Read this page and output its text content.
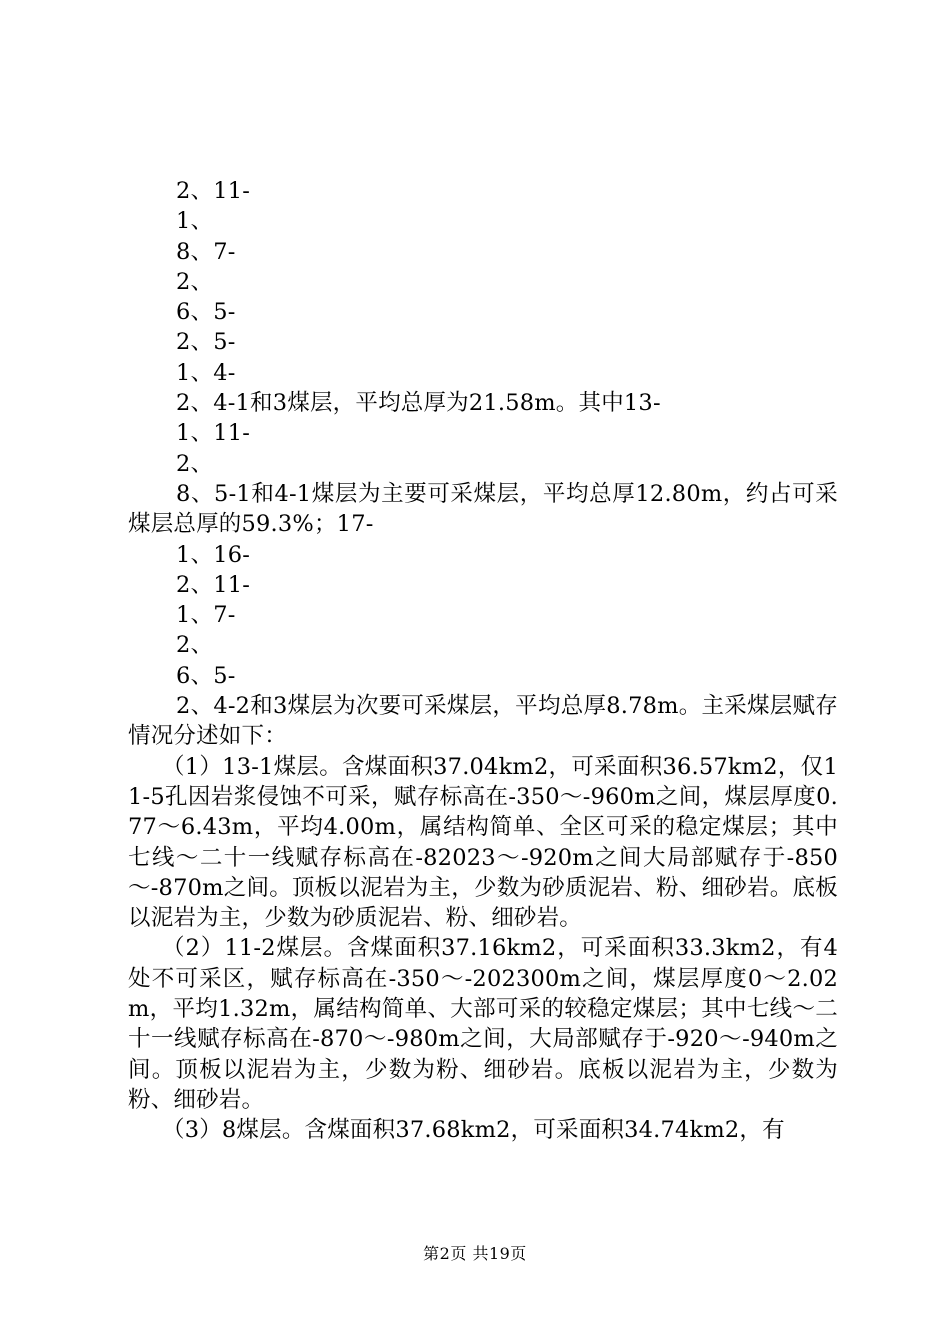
2、11-
1、
8、7-
2、
6、5-
2、5-
1、4-
2、4-1和3煤层，平均总厚为21.58m。其中13-
1、11-
2、
8、5-1和4-1煤层为主要可采煤层，平均总厚12.80m，约占可采煤层总厚的59.3%；17-
1、16-
2、11-
1、7-
2、
6、5-
2、4-2和3煤层为次要可采煤层，平均总厚8.78m。主采煤层赋存情况分述如下：
（1）13-1煤层。含煤面积37.04km2，可采面积36.57km2，仅11-5孔因岩浆侵蚀不可采，赋存标高在-350～-960m之间，煤层厚度0.77～6.43m，平均4.00m，属结构简单、全区可采的稳定煤层；其中七线～二十一线赋存标高在-82023～-920m之间大局部赋存于-850～-870m之间。顶板以泥岩为主，少数为砂质泥岩、粉、细砂岩。底板以泥岩为主，少数为砂质泥岩、粉、细砂岩。
（2）11-2煤层。含煤面积37.16km2，可采面积33.3km2，有4处不可采区，赋存标高在-350～-202300m之间，煤层厚度0～2.02m，平均1.32m，属结构简单、大部可采的较稳定煤层；其中七线～二十一线赋存标高在-870～-980m之间，大局部赋存于-920～-940m之间。顶板以泥岩为主，少数为粉、细砂岩。底板以泥岩为主，少数为粉、细砂岩。
（3）8煤层。含煤面积37.68km2，可采面积34.74km2，有
第2页 共19页
